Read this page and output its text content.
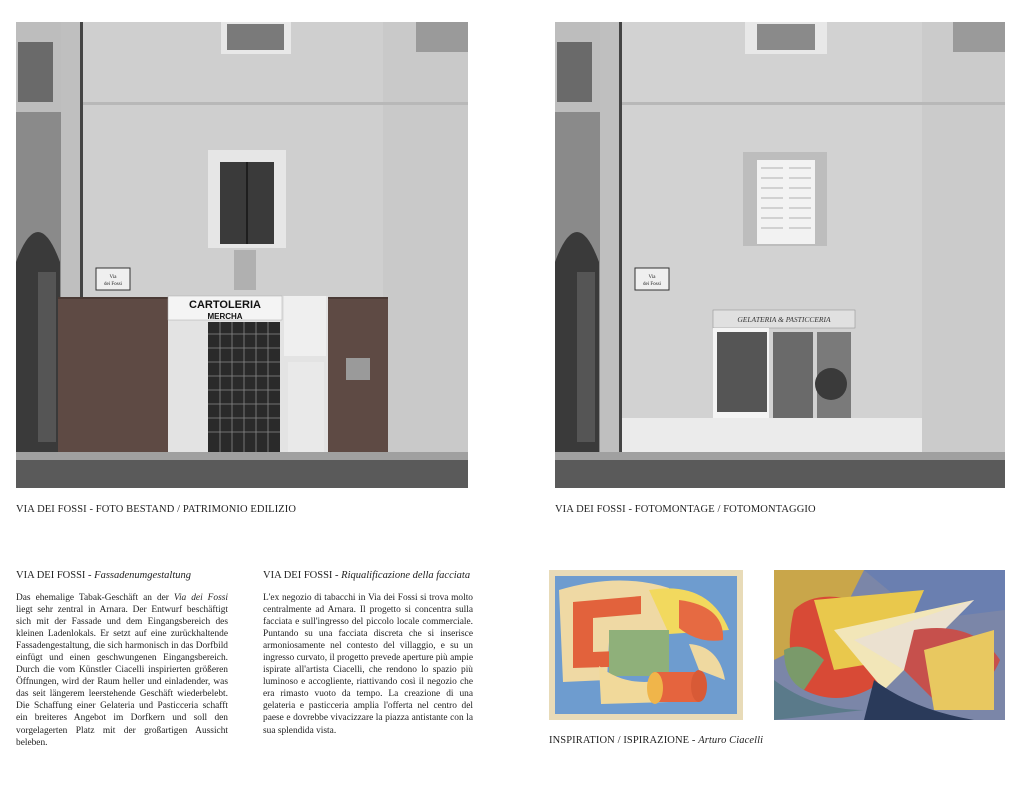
Via
dei Fossi
CARTOLERIA
MERCHA
Via
dei Fossi
GELATERIA & PASTICCERIA
VIA DEI FOSSI - FOTO BESTAND / PATRIMONIO EDILIZIO	VIA DEI FOSSI - FOTOMONTAGE / FOTOMONTAGGIO
VIA DEI FOSSI - Fassadenumgestaltung
Das ehemalige Tabak-Geschäft an der Via dei Fossi liegt sehr zentral in Arnara. Der Entwurf beschäftigt sich mit der Fassade und dem Eingangsbereich des kleinen Ladenlokals. Er setzt auf eine zurückhaltende Fassadengestaltung, die sich harmonisch in das Dorfbild einfügt und einen geschwungenen Eingangsbereich. Durch die vom Künstler Ciacelli inspirierten größeren Öffnungen, wird der Raum heller und einladender, was das seit längerem leerstehende Geschäft wiederbelebt. Die Schaffung einer Gelateria und Pasticceria schafft ein breiteres Angebot im Dorfkern und soll den vorgelagerten Platz mit der großartigen Aussicht beleben.
VIA DEI FOSSI - Riqualificazione della facciata
L'ex negozio di tabacchi in Via dei Fossi si trova molto centralmente ad Arnara. Il progetto si concentra sulla facciata e sull'ingresso del piccolo locale commerciale. Puntando su una facciata discreta che si inserisce armoniosamente nel contesto del villaggio, e su un ingresso curvato, il progetto prevede aperture più ampie ispirate all'artista Ciacelli, che rendono lo spazio più luminoso e accogliente, riattivando così il negozio che era rimasto vuoto da tempo. La creazione di una gelateria e pasticceria amplia l'offerta nel centro del paese e dovrebbe vivacizzare la piazza antistante con la sua splendida vista.
INSPIRATION / ISPIRAZIONE - Arturo Ciacelli
